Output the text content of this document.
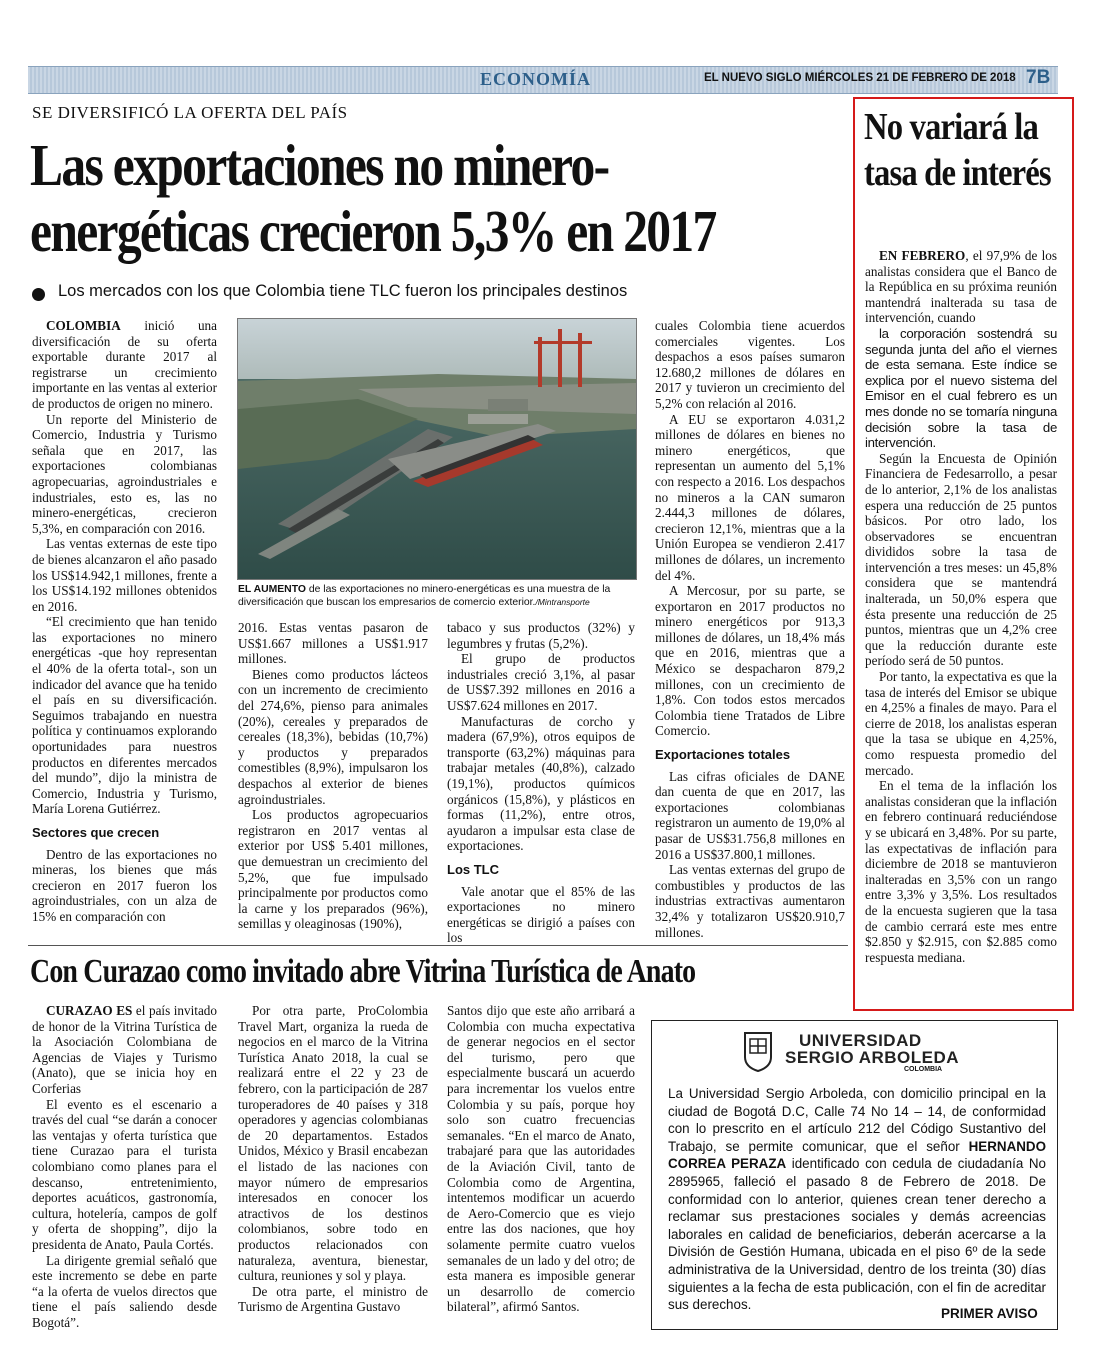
ECONOMÍA	EL NUEVO SIGLO MIÉRCOLES 21 DE FEBRERO DE 2018 7B
SE DIVERSIFICÓ LA OFERTA DEL PAÍS
Las exportaciones no minero-
energéticas crecieron 5,3% en 2017
Los mercados con los que Colombia tiene TLC fueron los principales destinos

COLOMBIA inició una diversificación de su oferta exportable durante 2017 al registrarse un crecimiento importante en las ventas al exterior de productos de origen no minero.

Un reporte del Ministerio de Comercio, Industria y Turismo señala que en 2017, las exportaciones colombianas agropecuarias, agroindustriales e industriales, esto es, las no minero-energéticas, crecieron 5,3%, en comparación con 2016.

Las ventas externas de este tipo de bienes alcanzaron el año pasado los US$14.942,1 millones, frente a los US$14.192 millones obtenidos en 2016.

“El crecimiento que han tenido las exportaciones no minero energéticas -que hoy representan el 40% de la oferta total-, son un indicador del avance que ha tenido el país en su diversificación. Seguimos trabajando en nuestra política y continuamos explorando oportunidades para nuestros productos en diferentes mercados del mundo”, dijo la ministra de Comercio, Industria y Turismo, María Lorena Gutiérrez.

Sectores que crecen

Dentro de las exportaciones no mineras, los bienes que más crecieron en 2017 fueron los agroindustriales, con un alza de 15% en comparación con

EL AUMENTO de las exportaciones no minero-energéticas es una muestra de la diversificación que buscan los empresarios de comercio exterior./Mintransporte

2016. Estas ventas pasaron de US$1.667 millones a US$1.917 millones.

Bienes como productos lácteos con un incremento de crecimiento del 274,6%, pienso para animales (20%), cereales y preparados de cereales (18,3%), bebidas (10,7%) y productos y preparados comestibles (8,9%), impulsaron los despachos al exterior de bienes agroindustriales.

Los productos agropecuarios registraron en 2017 ventas al exterior por US$ 5.401 millones, que demuestran un crecimiento del 5,2%, que fue impulsado principalmente por productos como la carne y los preparados (96%), semillas y oleaginosas (190%),

tabaco y sus productos (32%) y legumbres y frutas (5,2%).

El grupo de productos industriales creció 3,1%, al pasar de US$7.392 millones en 2016 a US$7.624 millones en 2017.

Manufacturas de corcho y madera (67,9%), otros equipos de transporte (63,2%) máquinas para trabajar metales (40,8%), calzado (19,1%), productos químicos orgánicos (15,8%), y plásticos en formas (11,2%), entre otros, ayudaron a impulsar esta clase de exportaciones.

Los TLC

Vale anotar que el 85% de las exportaciones no minero energéticas se dirigió a países con los

cuales Colombia tiene acuerdos comerciales vigentes. Los despachos a esos países sumaron 12.680,2 millones de dólares en 2017 y tuvieron un crecimiento del 5,2% con relación al 2016.

A EU se exportaron 4.031,2 millones de dólares en bienes no minero energéticos, que representan un aumento del 5,1% con respecto a 2016. Los despachos no mineros a la CAN sumaron 2.444,3 millones de dólares, crecieron 12,1%, mientras que a la Unión Europea se vendieron 2.417 millones de dólares, un incremento del 4%.

A Mercosur, por su parte, se exportaron en 2017 productos no minero energéticos por 913,3 millones de dólares, un 18,4% más que en 2016, mientras que a México se despacharon 879,2 millones, con un crecimiento de 1,8%. Con todos estos mercados Colombia tiene Tratados de Libre Comercio.

Exportaciones totales

Las cifras oficiales de DANE dan cuenta de que en 2017, las exportaciones colombianas registraron un aumento de 19,0% al pasar de US$31.756,8 millones en 2016 a US$37.800,1 millones.

Las ventas externas del grupo de combustibles y productos de las industrias extractivas aumentaron 32,4% y totalizaron US$20.910,7 millones.

No variará la tasa de interés

EN FEBRERO, el 97,9% de los analistas considera que el Banco de la República en su próxima reunión mantendrá inalterada su tasa de intervención, cuando

la corporación sostendrá su segunda junta del año el viernes de esta semana. Este índice se explica por el nuevo sistema del Emisor en el cual febrero es un mes donde no se tomaría ninguna decisión sobre la tasa de intervención.

Según la Encuesta de Opinión Financiera de Fedesarrollo, a pesar de lo anterior, 2,1% de los analistas espera una reducción de 25 puntos básicos. Por otro lado, los observadores se encuentran divididos sobre la tasa de intervención a tres meses: un 45,8% considera que se mantendrá inalterada, un 50,0% espera que ésta presente una reducción de 25 puntos, mientras que un 4,2% cree que la reducción durante este período será de 50 puntos.

Por tanto, la expectativa es que la tasa de interés del Emisor se ubique en 4,25% a finales de mayo. Para el cierre de 2018, los analistas esperan que la tasa se ubique en 4,25%, como respuesta promedio del mercado.

En el tema de la inflación los analistas consideran que la inflación en febrero continuará reduciéndose y se ubicará en 3,48%. Por su parte, las expectativas de inflación para diciembre de 2018 se mantuvieron inalteradas en 3,5% con un rango entre 3,3% y 3,5%. Los resultados de la encuesta sugieren que la tasa de cambio cerrará este mes entre $2.850 y $2.915, con $2.885 como respuesta mediana.

Con Curazao como invitado abre Vitrina Turística de Anato

CURAZAO ES el país invitado de honor de la Vitrina Turística de la Asociación Colombiana de Agencias de Viajes y Turismo (Anato), que se inicia hoy en Corferias

El evento es el escenario a través del cual “se darán a conocer las ventajas y oferta turística que tiene Curazao para el turista colombiano como planes para el descanso, entretenimiento, deportes acuáticos, gastronomía, cultura, hotelería, campos de golf y oferta de shopping”, dijo la presidenta de Anato, Paula Cortés.

La dirigente gremial señaló que este incremento se debe en parte “a la oferta de vuelos directos que tiene el país saliendo desde Bogotá”.

Por otra parte, ProColombia Travel Mart, organiza la rueda de negocios en el marco de la Vitrina Turística Anato 2018, la cual se realizará entre el 22 y 23 de febrero, con la participación de 287 turoperadores de 40 países y 318 operadores y agencias colombianas de 20 departamentos. Estados Unidos, México y Brasil encabezan el listado de las naciones con mayor número de empresarios interesados en conocer los atractivos de los destinos colombianos, sobre todo en productos relacionados con naturaleza, aventura, bienestar, cultura, reuniones y sol y playa.

De otra parte, el ministro de Turismo de Argentina Gustavo

Santos dijo que este año arribará a Colombia con mucha expectativa de generar negocios en el sector del turismo, pero que especialmente buscará un acuerdo para incrementar los vuelos entre Colombia y su país, porque hoy solo son cuatro frecuencias semanales. “En el marco de Anato, trabajaré para que las autoridades de la Aviación Civil, tanto de Colombia como de Argentina, intentemos modificar un acuerdo de Aero-Comercio que es viejo entre las dos naciones, que hoy solamente permite cuatro vuelos semanales de un lado y del otro; de esta manera es imposible generar un desarrollo de comercio bilateral”, afirmó Santos.

UNIVERSIDAD
SERGIO ARBOLEDA
COLOMBIA
La Universidad Sergio Arboleda, con domicilio principal en la ciudad de Bogotá D.C, Calle 74 No 14 – 14, de conformidad con lo prescrito en el artículo 212 del Código Sustantivo del Trabajo, se permite comunicar, que el señor HERNANDO CORREA PERAZA identificado con cedula de ciudadanía No 2895965, falleció el pasado 8 de Febrero de 2018. De conformidad con lo anterior, quienes crean tener derecho a reclamar sus prestaciones sociales y demás acreencias laborales en calidad de beneficiarios, deberán acercarse a la División de Gestión Humana, ubicada en el piso 6º de la sede administrativa de la Universidad, dentro de los treinta (30) días siguientes a la fecha de esta publicación, con el fin de acreditar sus derechos.
PRIMER AVISO
